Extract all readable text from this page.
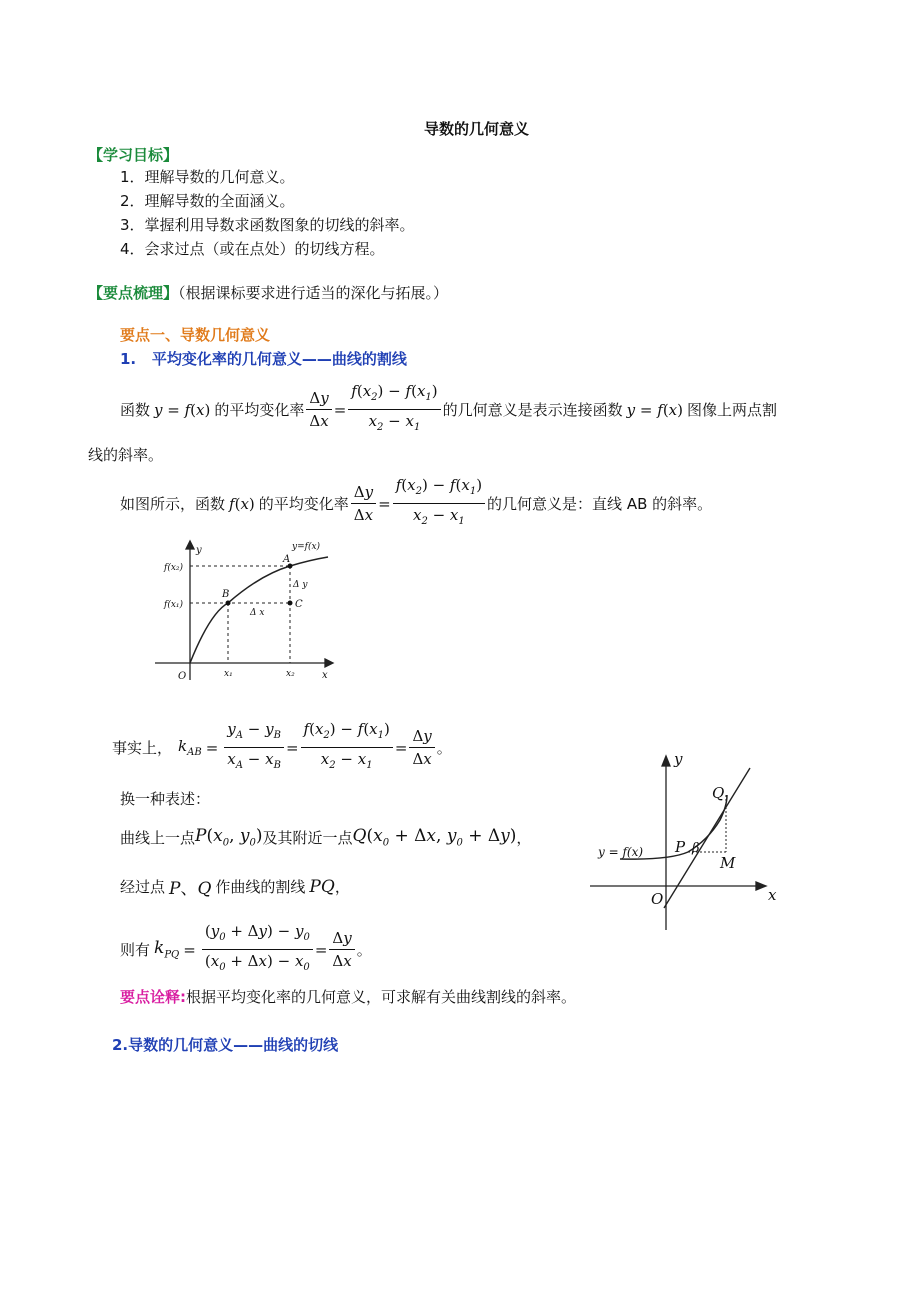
导数的几何意义
【学习目标】
1．理解导数的几何意义。
2．理解导数的全面涵义。
3．掌握利用导数求函数图象的切线的斜率。
4．会求过点（或在点处）的切线方程。
【要点梳理】（根据课标要求进行适当的深化与拓展。）
要点一、导数几何意义
1. 平均变化率的几何意义——曲线的割线
函数 y = f(x) 的平均变化率 $\frac{\Delta y}{\Delta x} = \frac{f(x_2) - f(x_1)}{x_2 - x_1}$ 的几何意义是表示连接函数 y = f(x) 图像上两点割
线的斜率。
如图所示，函数 f(x) 的平均变化率 $\frac{\Delta y}{\Delta x} = \frac{f(x_2) - f(x_1)}{x_2 - x_1}$ 的几何意义是：直线 AB 的斜率。
y
x
O
y=f(x)
f(x₂)
f(x₁)
x₁	x₂
A
B
C
Δ y
Δ x
事实上， $k_{AB} = \frac{y_A - y_B}{x_A - x_B} = \frac{f(x_2) - f(x_1)}{x_2 - x_1} = \frac{\Delta y}{\Delta x}$ 。
换一种表述：
曲线上一点 $P(x_0$, $y_0$) 及其附近一点 $Q(x_0 + \Delta x$, $y_0 + \Delta y$) ，
经过点 P、Q 作曲线的割线 PQ ，
则有 $k_{PQ} = \frac{(y_0 + \Delta y) - y_0}{(x_0 + \Delta x) - x_0} = \frac{\Delta y}{\Delta x}$ 。
y
x
O
y = f(x) P
Q
M
β
要点诠释:根据平均变化率的几何意义，可求解有关曲线割线的斜率。
2.导数的几何意义——曲线的切线
